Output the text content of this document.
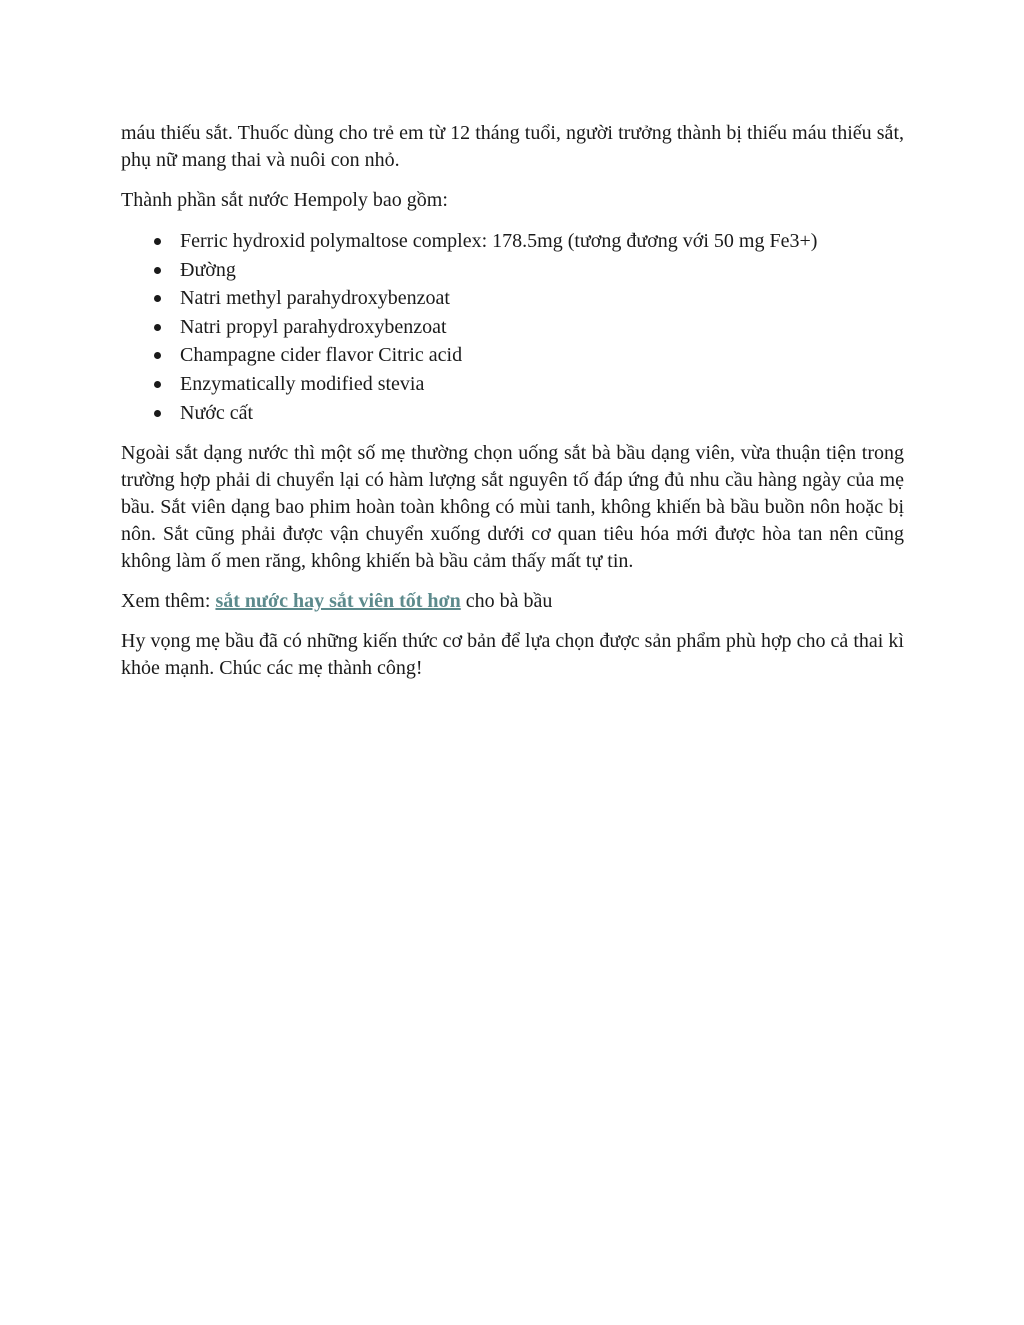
máu thiếu sắt. Thuốc dùng cho trẻ em từ 12 tháng tuổi, người trưởng thành bị thiếu máu thiếu sắt, phụ nữ mang thai và nuôi con nhỏ.

Thành phần sắt nước Hempoly bao gồm:

Ferric hydroxid polymaltose complex: 178.5mg (tương đương với 50 mg Fe3+)
Đường
Natri methyl parahydroxybenzoat
Natri propyl parahydroxybenzoat
Champagne cider flavor Citric acid
Enzymatically modified stevia
Nước cất

Ngoài sắt dạng nước thì một số mẹ thường chọn uống sắt bà bầu dạng viên, vừa thuận tiện trong trường hợp phải di chuyển lại có hàm lượng sắt nguyên tố đáp ứng đủ nhu cầu hàng ngày của mẹ bầu. Sắt viên dạng bao phim hoàn toàn không có mùi tanh, không khiến bà bầu buồn nôn hoặc bị nôn. Sắt cũng phải được vận chuyển xuống dưới cơ quan tiêu hóa mới được hòa tan nên cũng không làm ố men răng, không khiến bà bầu cảm thấy mất tự tin.

Xem thêm: sắt nước hay sắt viên tốt hơn cho bà bầu

Hy vọng mẹ bầu đã có những kiến thức cơ bản để lựa chọn được sản phẩm phù hợp cho cả thai kì khỏe mạnh. Chúc các mẹ thành công!
